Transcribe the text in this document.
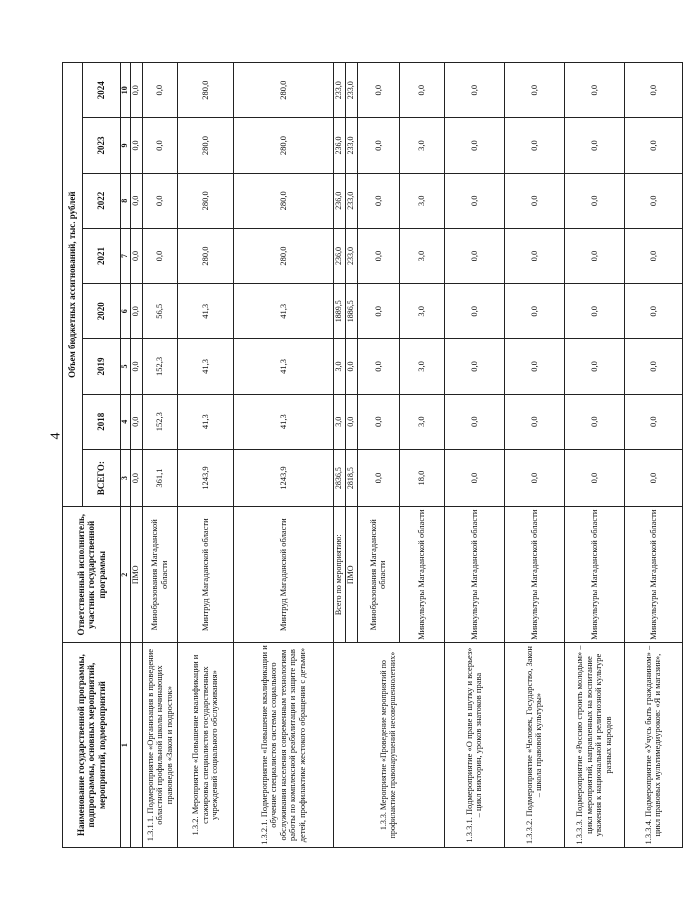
4
Наименование государственной программы, подпрограммы, основных мероприятий, мероприятий, подмероприятий	Ответственный исполнитель, участник государственной программы	Объем бюджетных ассигнований, тыс. рублей							
		ВСЕГО:	2018	2019	2020	2021	2022	2023	2024
1	2	3	4	5	6	7	8	9	10
	ПМО	0,0	0,0	0,0	0,0	0,0	0,0	0,0	0,0
1.3.1.1. Подмероприятие «Организация в проведение областной профильной школы начинающих правоведов «Закон и подросток»	Минобразования Магаданской области	361,1	152,3	152,3	56,5	0,0	0,0	0,0	0,0
1.3.2. Мероприятие «Повышение квалификации и стажировка специалистов государственных учреждений социального обслуживания»	Минтруд Магаданской области	1243,9	41,3	41,3	41,3	280,0	280,0	280,0	280,0
1.3.2.1. Подмероприятие «Повышение квалификации и обучение специалистов системы социального обслуживания населения современным технологиям работы по комплексной реабилитации и защите прав детей, профилактике жестокого обращения с детьми»	Минтруд Магаданской области	1243,9	41,3	41,3	41,3	280,0	280,0	280,0	280,0
1.3.3. Мероприятие «Проведение мероприятий по профилактике правонарушений несовершеннолетних»	Всего по мероприятию:	2836,5	3,0	3,0	1889,5	236,0	236,0	236,0	233,0
	ПМО	2818,5	0,0	0,0	1886,5	233,0	233,0	233,0	233,0
	Минобразования Магаданской области	0,0	0,0	0,0	0,0	0,0	0,0	0,0	0,0
	Минкультуры Магаданской области	18,0	3,0	3,0	3,0	3,0	3,0	3,0	0,0
1.3.3.1. Подмероприятие «О праве в шутку и всерьез» – цикл викторин, уроков знатоков права	Минкультуры Магаданской области	0,0	0,0	0,0	0,0	0,0	0,0	0,0	0,0
1.3.3.2. Подмероприятие «Человек, Государство, Закон – школа правовой культуры»	Минкультуры Магаданской области	0,0	0,0	0,0	0,0	0,0	0,0	0,0	0,0
1.3.3.3. Подмероприятие «Россию строить молодым» – цикл мероприятий, направленных на воспитание уважения к национальной и религиозной культуре разных народов	Минкультуры Магаданской области	0,0	0,0	0,0	0,0	0,0	0,0	0,0	0,0
1.3.3.4. Подмероприятие «Учусь быть гражданином» – цикл правовых мультимедиуроков: «Я и магазин»,	Минкультуры Магаданской области	0,0	0,0	0,0	0,0	0,0	0,0	0,0	0,0
